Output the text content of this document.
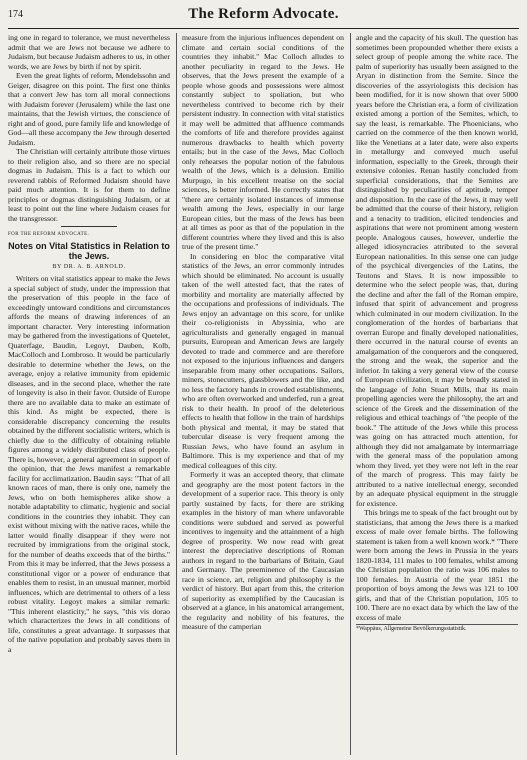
174	The Reform Advocate.

ing one in regard to tolerance, we must nevertheless admit that we are Jews not because we adhere to Judaism, but because Judaism adheres to us, in other words, we are Jews by birth if not by spirit.

Even the great lights of reform, Mendelssohn and Geiger, disagree on this point. The first one thinks that a convert Jew has torn all moral connections with Judaism forever (Jerusalem) while the last one maintains, that the Jewish virtues, the conscience of right and of good, pure family life and knowledge of God—all these accompany the Jew through deserted Judaism.

The Christian will certainly attribute those virtues to their religion also, and so there are no special dogmas in Judaism. This is a fact to which our reverend rabbis of Reformed Judaism should have paid much attention. It is for them to define principles or dogmas distinguishing Judaism, or at least to point out the line where Judaism ceases for the transgressor.

FOR THE REFORM ADVOCATE.
Notes on Vital Statistics in Relation to the Jews.
BY DR. A. B. ARNOLD.

Writers on vital statistics appear to make the Jews a special subject of study, under the impression that the preservation of this people in the face of exceedingly untoward conditions and circumstances affords the means of drawing inferences of an important character. Very interesting information may be gathered from the investigations of Quetelet, Quaterfage, Baudin, Legoyt, Dauben, Kolb, MacColloch and Lombroso. It would be particularly desirable to determine whether the Jews, on the average, enjoy a relative immunity from epidemic diseases, and in the second place, whether the rate of longevity is also in their favor. Outside of Europe there are no available data to make an estimate of this kind. As might be expected, there is considerable discrepancy concerning the results obtained by the different socialistic writers, which is chiefly due to the difficulty of obtaining reliable figures among a widely distributed class of people. There is, however, a general agreement in support of the opinion, that the Jews manifest a remarkable facility for acclimatization. Baudin says: "That of all known races of man, there is only one, namely the Jews, who on both hemispheres alike show a notable adaptability to climatic, hygienic and social conditions in the countries they inhabit. They can exist without mixing with the native races, while the latter would finally disappear if they were not recruited by immigrations from the original stock, for the number of deaths exceeds that of the births." From this it may be inferred, that the Jews possess a constitutional vigor or a power of endurance that enables them to resist, in an unusual manner, morbid influences, which are detrimental to others of a less robust vitality. Legoyt makes a similar remark: "This inherent elasticity," he says, "this vis dorao which characterizes the Jews in all conditions of life, constitutes a great advantage. It surpasses that of the native population and probably saves them in a

measure from the injurious influences dependent on climate and certain social conditions of the countries they inhabit." Mac Colloch alludes to another peculiarity in regard to the Jews. He observes, that the Jews present the example of a people whose goods and possessions were almost constantly subject to spoliation, but who nevertheless contrived to become rich by their persistent industry. In connection with vital statistics it may well be admitted that affluence commands the comforts of life and therefore provides against numerous drawbacks to health which poverty entails; but in the case of the Jews, Mac Colloch only rehearses the popular notion of the fabulous wealth of the Jews, which is a delusion. Emilio Murpugo, in his excellent treatise on the social sciences, is better informed. He correctly states that "there are certainly isolated instances of immense wealth among the Jews, especially in our large European cities, but the mass of the Jews has been at all times as poor as that of the population in the different countries where they lived and this is also true of the present time."

In considering en bloc the comparative vital statistics of the Jews, an error commonly intrudes which should be eliminated. No account is usually taken of the well attested fact, that the rates of morbility and mortality are materially affected by the occupations and professions of individuals. The Jews enjoy an advantage on this score, for unlike their co-religionists in Abyssinia, who are agriculturalists and generally engaged in manual pursuits, European and American Jews are largely devoted to trade and commerce and are therefore not exposed to the injurious influences and dangers inseparable from many other occupations. Sailors, miners, stonecutters, glassblowers and the like, and no less the factory hands in crowded establishments, who are often overworked and underfed, run a great risk to their health. In proof of the deleterious effects to health that follow in the train of hardships both physical and mental, it may be stated that tubercular disease is very frequent among the Russian Jews, who have found an asylum in Baltimore. This is my experience and that of my medical colleagues of this city.

Formerly it was an accepted theory, that climate and geography are the most potent factors in the development of a superior race. This theory is only partly sustained by facts, for there are striking examples in the history of man where unfavorable conditions were subdued and served as powerful incentives to ingenuity and the attainment of a high degree of prosperity. We now read with great interest the depreciative descriptions of Roman authors in regard to the barbarians of Britain, Gaul and Germany. The preeminence of the Caucasian race in science, art, religion and philosophy is the verdict of history. But apart from this, the criterion of superiority as exemplified by the Caucasian is observed at a glance, in his anatomical arrangement, the regularity and nobility of his features, the measure of the camperian

angle and the capacity of his skull. The question has sometimes been propounded whether there exists a select group of people among the white race. The palm of superiority has usually been assigned to the Aryan in distinction from the Semite. Since the discoveries of the assyriologists this decision has been modified, for it is now shown that over 5000 years before the Christian era, a form of civilization existed among a portion of the Semites, which, to say the least, is remarkable. The Phoenicians, who carried on the commerce of the then known world, like the Venetians at a later date, were also experts in metallurgy and conveyed much useful information, especially to the Greek, through their extensive colonies. Renan hastily concluded from superficial considerations, that the Semites are distinguished by peculiarities of aptitude, temper and disposition. In the case of the Jews, it may well be admitted that the course of their history, religion and a tenacity to tradition, elicited tendencies and aspirations that were not prominent among western people. Analogous causes, however, underlie the alleged idiosyncracies attributed to the several European nationalities. In this sense one can judge of the psychical divergencies of the Latins, the Teutons and Slavs. It is now impossible to determine who the select people was, that, during the decline and after the fall of the Roman empire, infused that spirit of advancement and progress which culminated in our modern civilization. In the conglomeration of the hordes of barbarians that overran Europe and finally developed nationalities, there occurred in the natural course of events an amalgamation of the conquerors and the conquered, the strong and the weak, the superior and the inferior. In taking a very general view of the course of European civilization, it may be broadly stated in the language of John Stuart Mills, that its main propelling agencies were the philosophy, the art and science of the Greek and the dissemination of the religious and ethical teachings of "the people of the book." The attitude of the Jews while this process was going on has attracted much attention, for although they did not amalgamate by intermarriage with the general mass of the population among whom they lived, yet they were not left in the rear of the march of progress. This may fairly be attributed to a native intellectual energy, seconded by an adequate physical equipment in the struggle for existence.

This brings me to speak of the fact brought out by statisticians, that among the Jews there is a marked excess of male over female births. The following statement is taken from a well known work.* "There were born among the Jews in Prussia in the years 1820-1834, 111 males to 100 females, whilst among the Christian population the ratio was 106 males to 100 females. In Austria of the year 1851 the proportion of boys among the Jews was 121 to 100 girls, and that of the Christian population, 105 to 100. There are no exact data by which the law of the excess of male

*Wappäus, Allgemeine Bevölkerungsstatistik.
